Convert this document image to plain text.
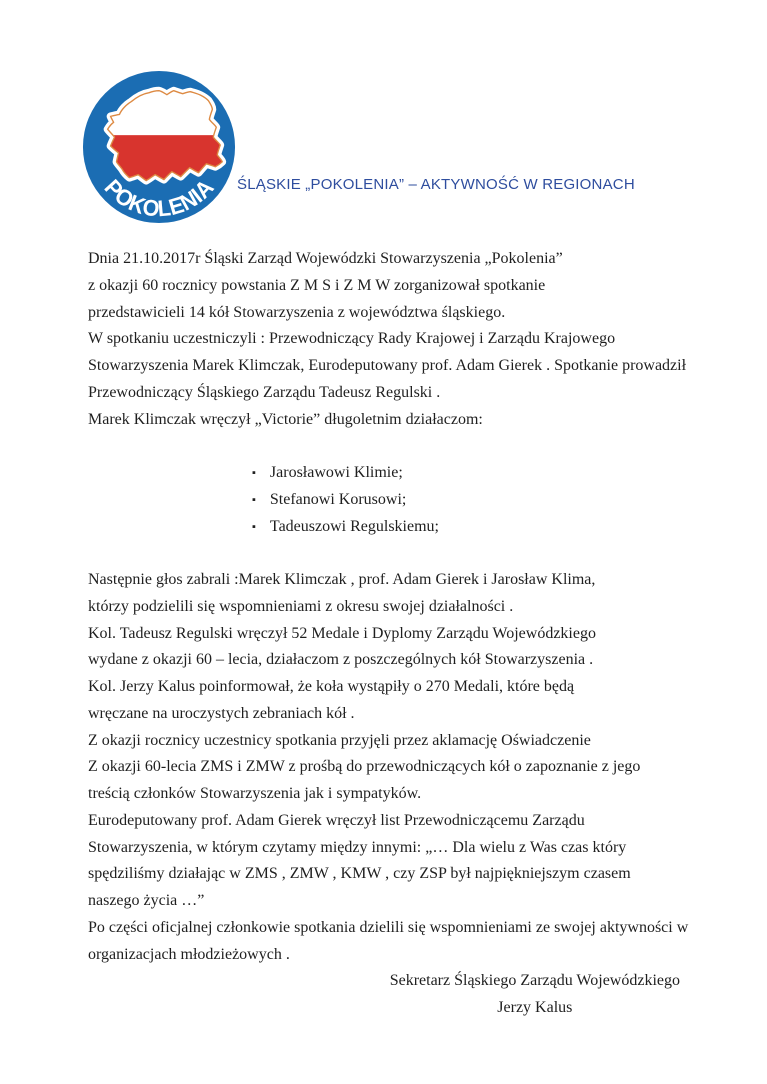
POKOLENIA ŚLĄSKIE „POKOLENIA” – AKTYWNOŚĆ W REGIONACH
Dnia 21.10.2017r Śląski Zarząd Wojewódzki Stowarzyszenia „Pokolenia”
z okazji 60 rocznicy powstania Z M S i Z M W zorganizował spotkanie
przedstawicieli 14 kół Stowarzyszenia z województwa śląskiego.
W spotkaniu uczestniczyli : Przewodniczący Rady Krajowej i Zarządu Krajowego
Stowarzyszenia Marek Klimczak, Eurodeputowany prof. Adam Gierek . Spotkanie prowadził
Przewodniczący Śląskiego Zarządu Tadeusz Regulski .
Marek Klimczak wręczył „Victorie” długoletnim działaczom:
▪ Jarosławowi Klimie;
▪ Stefanowi Korusowi;
▪ Tadeuszowi Regulskiemu;
Następnie głos zabrali :Marek Klimczak , prof. Adam Gierek i Jarosław Klima,
którzy podzielili się wspomnieniami z okresu swojej działalności .
Kol. Tadeusz Regulski wręczył 52 Medale i Dyplomy Zarządu Wojewódzkiego
wydane z okazji 60 – lecia, działaczom z poszczególnych kół Stowarzyszenia .
Kol. Jerzy Kalus poinformował, że koła wystąpiły o 270 Medali, które będą
wręczane na uroczystych zebraniach kół .
Z okazji rocznicy uczestnicy spotkania przyjęli przez aklamację Oświadczenie
Z okazji 60-lecia ZMS i ZMW z prośbą do przewodniczących kół o zapoznanie z jego
treścią członków Stowarzyszenia jak i sympatyków.
Eurodeputowany prof. Adam Gierek wręczył list Przewodniczącemu Zarządu
Stowarzyszenia, w którym czytamy między innymi: „… Dla wielu z Was czas który
spędziliśmy działając w ZMS , ZMW , KMW , czy ZSP był najpiękniejszym czasem
naszego życia …”
Po części oficjalnej członkowie spotkania dzielili się wspomnieniami ze swojej aktywności w
organizacjach młodzieżowych .
Sekretarz Śląskiego Zarządu Wojewódzkiego
Jerzy Kalus
